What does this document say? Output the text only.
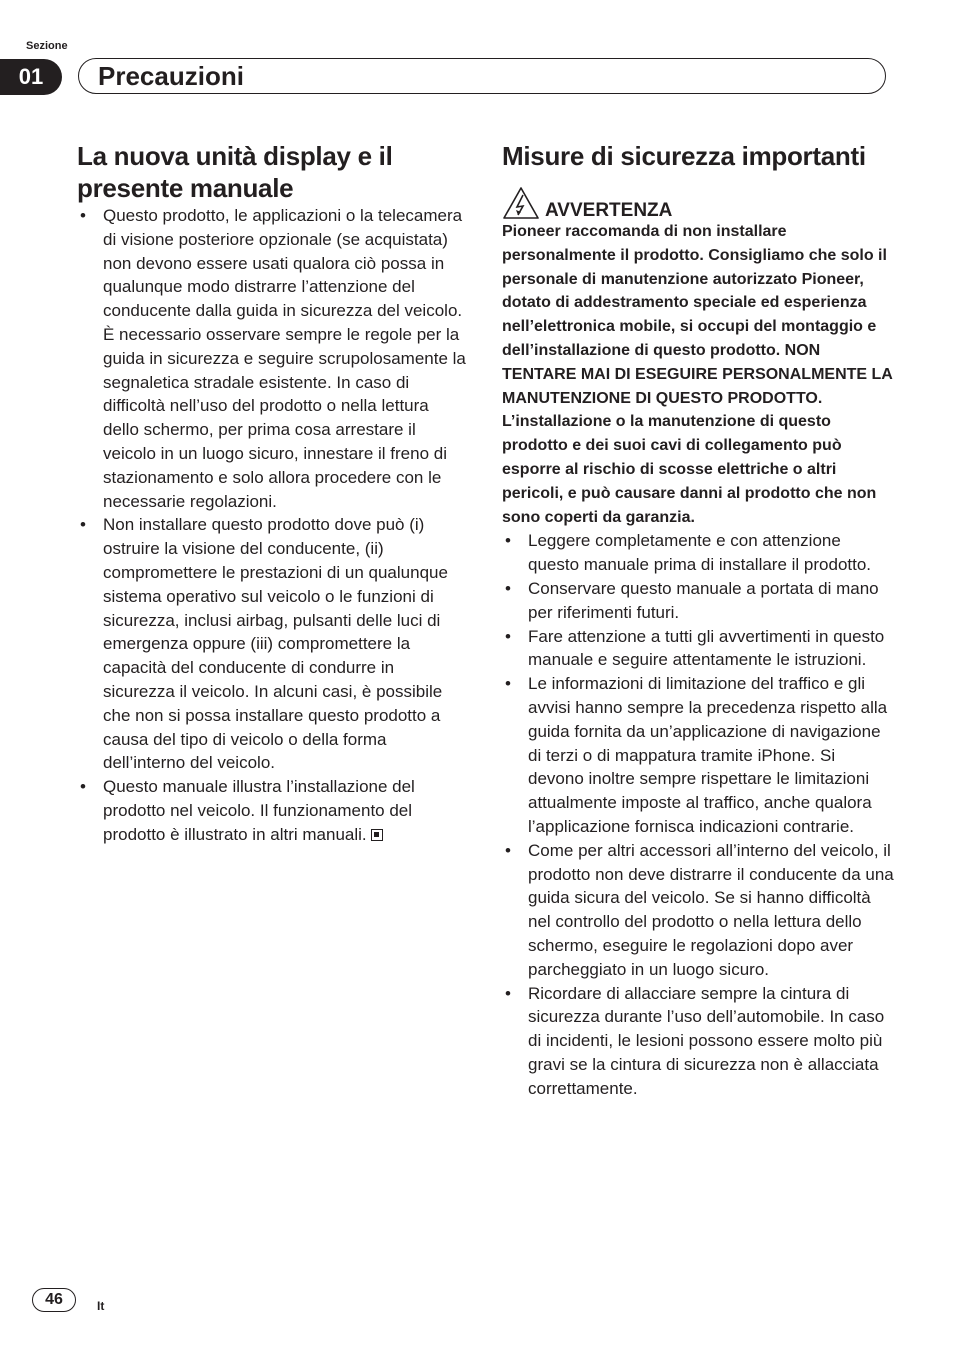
Sezione
01	Precauzioni
La nuova unità display e il presente manuale
• Questo prodotto, le applicazioni o la telecamera di visione posteriore opzionale (se acquistata) non devono essere usati qualora ciò possa in qualunque modo distrarre l’attenzione del conducente dalla guida in sicurezza del veicolo. È necessario osservare sempre le regole per la guida in sicurezza e seguire scrupolosamente la segnaletica stradale esistente. In caso di difficoltà nell’uso del prodotto o nella lettura dello schermo, per prima cosa arrestare il veicolo in un luogo sicuro, innestare il freno di stazionamento e solo allora procedere con le necessarie regolazioni.
• Non installare questo prodotto dove può (i) ostruire la visione del conducente, (ii) compromettere le prestazioni di un qualunque sistema operativo sul veicolo o le funzioni di sicurezza, inclusi airbag, pulsanti delle luci di emergenza oppure (iii) compromettere la capacità del conducente di condurre in sicurezza il veicolo. In alcuni casi, è possibile che non si possa installare questo prodotto a causa del tipo di veicolo o della forma dell’interno del veicolo.
• Questo manuale illustra l’installazione del prodotto nel veicolo. Il funzionamento del prodotto è illustrato in altri manuali.
Misure di sicurezza importanti
AVVERTENZA

Pioneer raccomanda di non installare personalmente il prodotto. Consigliamo che solo il personale di manutenzione autorizzato Pioneer, dotato di addestramento speciale ed esperienza nell’elettronica mobile, si occupi del montaggio e dell’installazione di questo prodotto. NON TENTARE MAI DI ESEGUIRE PERSONALMENTE LA MANUTENZIONE DI QUESTO PRODOTTO. L’installazione o la manutenzione di questo prodotto e dei suoi cavi di collegamento può esporre al rischio di scosse elettriche o altri pericoli, e può causare danni al prodotto che non sono coperti da garanzia.

• Leggere completamente e con attenzione questo manuale prima di installare il prodotto.
• Conservare questo manuale a portata di mano per riferimenti futuri.
• Fare attenzione a tutti gli avvertimenti in questo manuale e seguire attentamente le istruzioni.
• Le informazioni di limitazione del traffico e gli avvisi hanno sempre la precedenza rispetto alla guida fornita da un’applicazione di navigazione di terzi o di mappatura tramite iPhone. Si devono inoltre sempre rispettare le limitazioni attualmente imposte al traffico, anche qualora l’applicazione fornisca indicazioni contrarie.
• Come per altri accessori all’interno del veicolo, il prodotto non deve distrarre il conducente da una guida sicura del veicolo. Se si hanno difficoltà nel controllo del prodotto o nella lettura dello schermo, eseguire le regolazioni dopo aver parcheggiato in un luogo sicuro.
• Ricordare di allacciare sempre la cintura di sicurezza durante l’uso dell’automobile. In caso di incidenti, le lesioni possono essere molto più gravi se la cintura di sicurezza non è allacciata correttamente.
46	It
